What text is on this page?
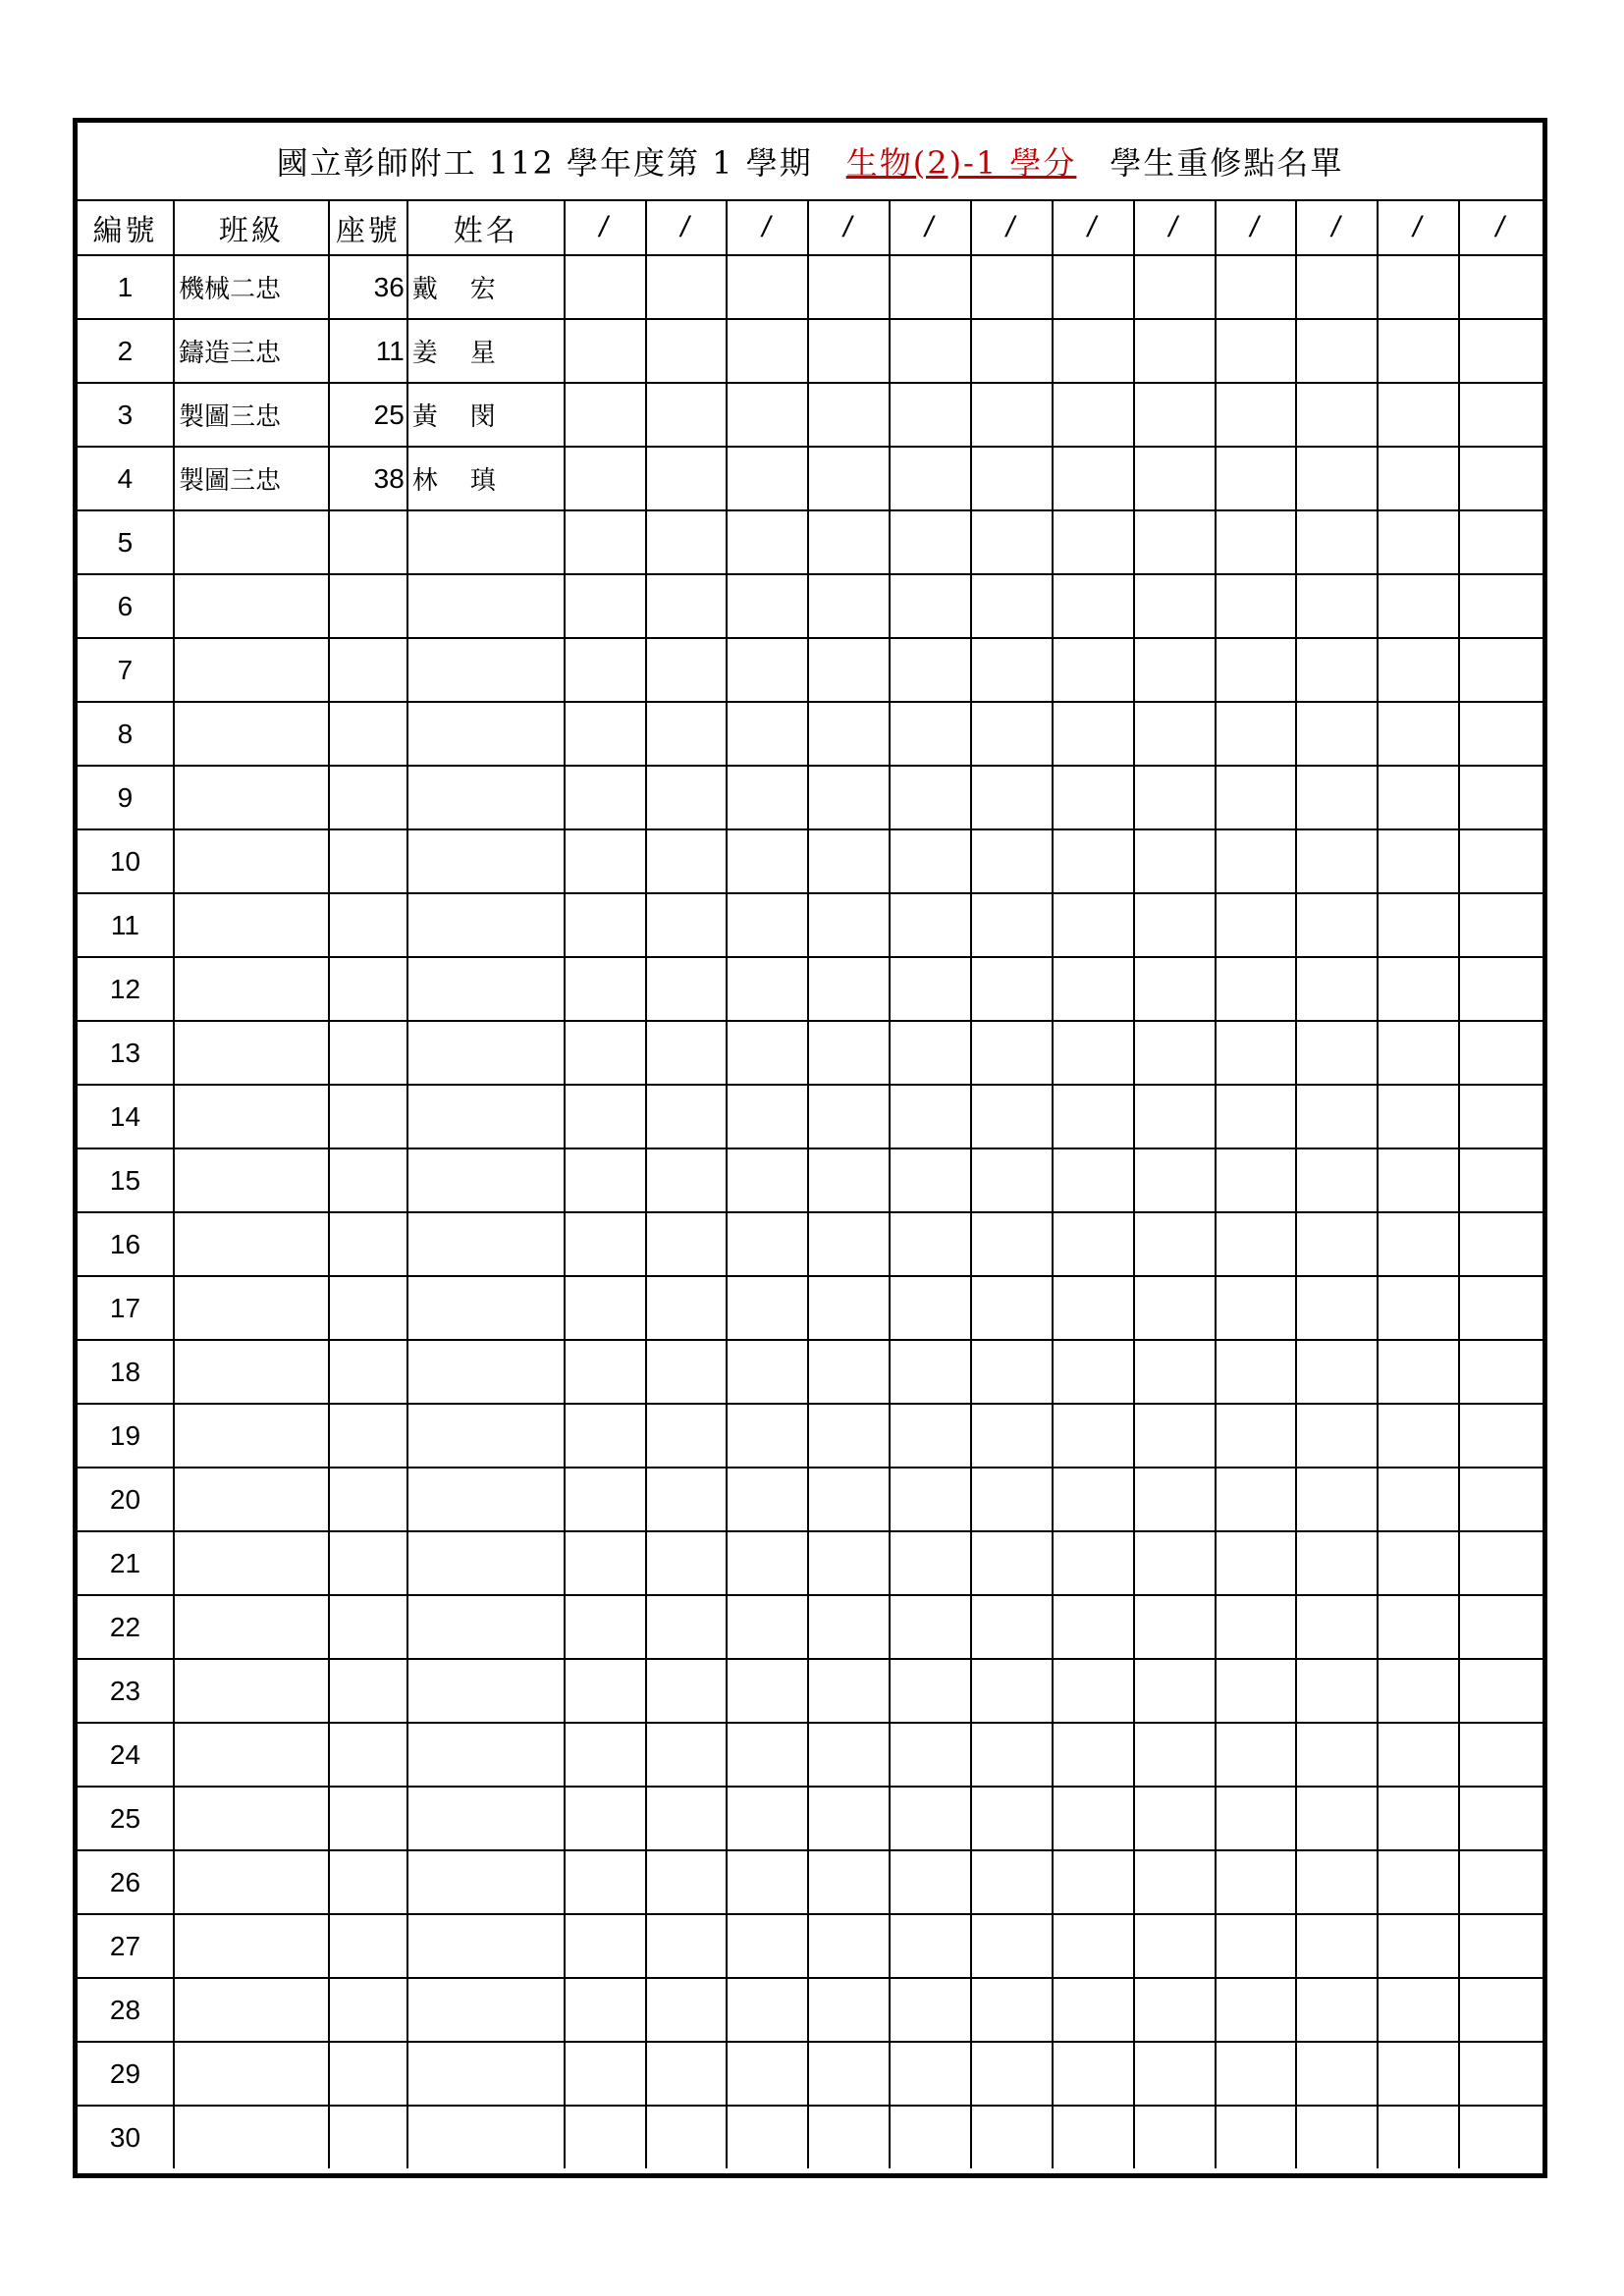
國立彰師附工 112 學年度第 1 學期 生物(2)-1 學分 學生重修點名單
編號	班級	座號	姓名	/	/	/	/	/	/	/	/	/	/	/	/
1	機械二忠	36	戴 宏												

2	鑄造三忠	11	姜 星												

3	製圖三忠	25	黃 閔												

4	製圖三忠	38	林 瑱												

5			

6			

7			

8			

9			

10			

11			

12			

13			

14			

15			

16			

17			

18			

19			

20			

21			

22			

23			

24			

25			

26			

27			

28			

29			

30			
